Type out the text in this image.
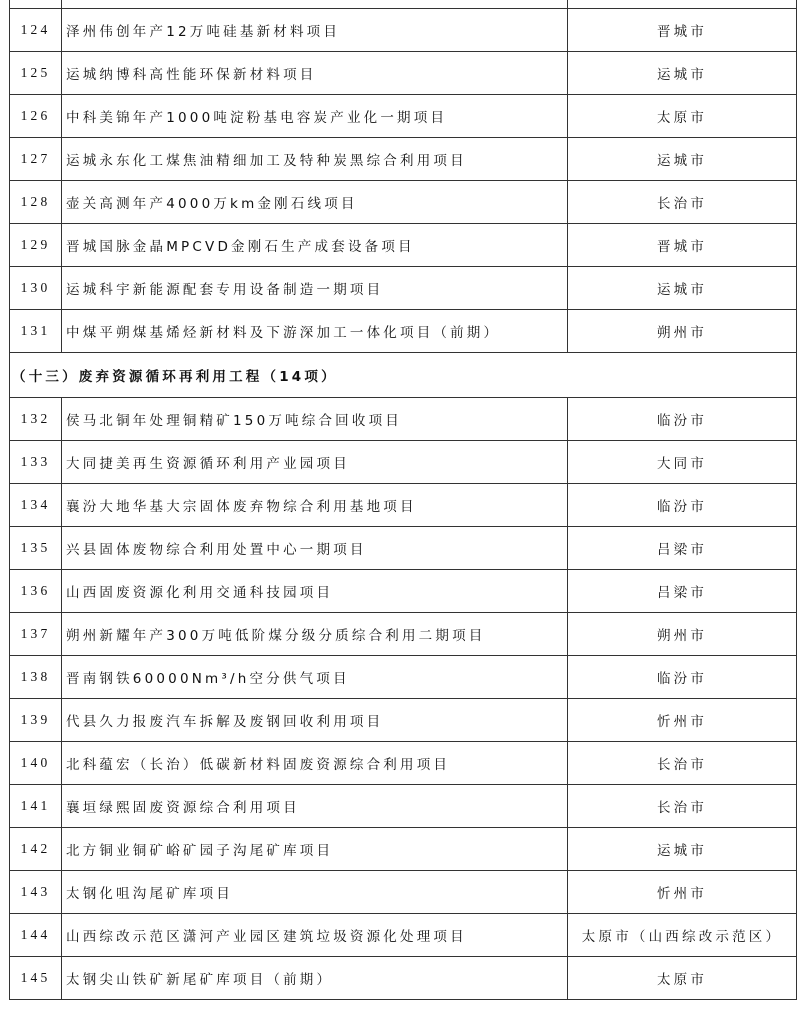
124	泽州伟创年产12万吨硅基新材料项目	晋城市
125	运城纳博科高性能环保新材料项目	运城市
126	中科美锦年产1000吨淀粉基电容炭产业化一期项目	太原市
127	运城永东化工煤焦油精细加工及特种炭黑综合利用项目	运城市
128	壶关高测年产4000万km金刚石线项目	长治市
129	晋城国脉金晶MPCVD金刚石生产成套设备项目	晋城市
130	运城科宇新能源配套专用设备制造一期项目	运城市
131	中煤平朔煤基烯烃新材料及下游深加工一体化项目（前期）	朔州市
（十三）废弃资源循环再利用工程（14项）		
132	侯马北铜年处理铜精矿150万吨综合回收项目	临汾市
133	大同捷美再生资源循环利用产业园项目	大同市
134	襄汾大地华基大宗固体废弃物综合利用基地项目	临汾市
135	兴县固体废物综合利用处置中心一期项目	吕梁市
136	山西固废资源化利用交通科技园项目	吕梁市
137	朔州新耀年产300万吨低阶煤分级分质综合利用二期项目	朔州市
138	晋南钢铁60000Nm³/h空分供气项目	临汾市
139	代县久力报废汽车拆解及废钢回收利用项目	忻州市
140	北科蕴宏（长治）低碳新材料固废资源综合利用项目	长治市
141	襄垣绿熙固废资源综合利用项目	长治市
142	北方铜业铜矿峪矿园子沟尾矿库项目	运城市
143	太钢化咀沟尾矿库项目	忻州市
144	山西综改示范区潇河产业园区建筑垃圾资源化处理项目	太原市（山西综改示范区）
145	太钢尖山铁矿新尾矿库项目（前期）	太原市
